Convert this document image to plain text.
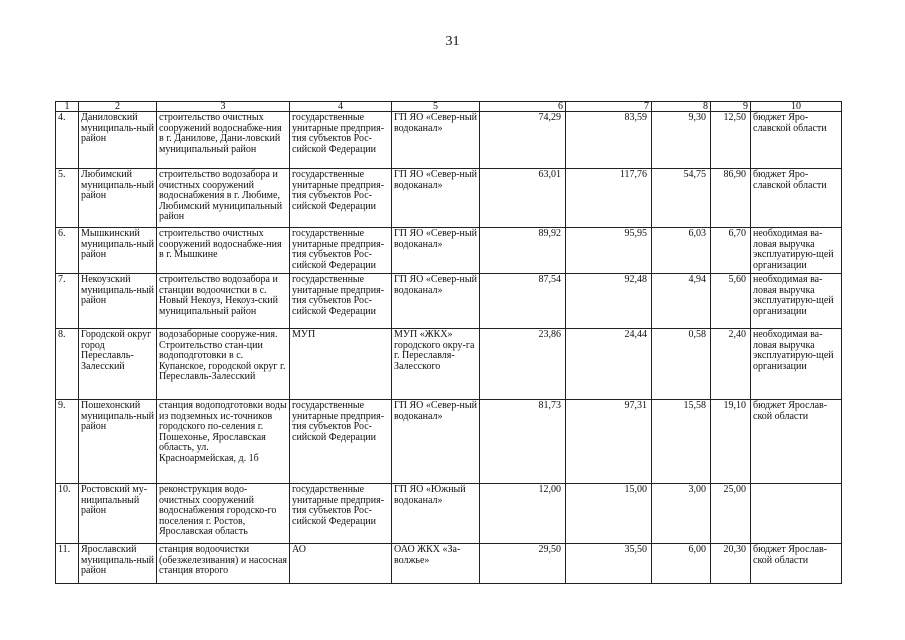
31
1	2	3	4	5	6	7	8	9	10
4.	Даниловский муниципаль-ный район	строительство очистных сооружений водоснабже-ния в г. Данилове, Дани-ловский муниципальный район	государственные унитарные предприя-тия субъектов Рос-сийской Федерации	ГП ЯО «Север-ный водоканал»	74,29	83,59	9,30	12,50	бюджет Яро-славской области
5.	Любимский муниципаль-ный район	строительство водозабора и очистных сооружений водоснабжения в г. Любиме, Любимский муниципальный район	государственные унитарные предприя-тия субъектов Рос-сийской Федерации	ГП ЯО «Север-ный водоканал»	63,01	117,76	54,75	86,90	бюджет Яро-славской области
6.	Мышкинский муниципаль-ный район	строительство очистных сооружений водоснабже-ния в г. Мышкине	государственные унитарные предприя-тия субъектов Рос-сийской Федерации	ГП ЯО «Север-ный водоканал»	89,92	95,95	6,03	6,70	необходимая ва-ловая выручка эксплуатирую-щей организации
7.	Некоузский муниципаль-ный район	строительство водозабора и станции водоочистки в с. Новый Некоуз, Некоуз-ский муниципальный район	государственные унитарные предприя-тия субъектов Рос-сийской Федерации	ГП ЯО «Север-ный водоканал»	87,54	92,48	4,94	5,60	необходимая ва-ловая выручка эксплуатирую-щей организации
8.	Городской округ город Переславль-Залесский	водозаборные сооруже-ния. Строительство стан-ции водоподготовки в с. Купанское, городской округ г. Переславль-Залесский	МУП	МУП «ЖКХ» городского окру-га г. Переславля-Залесского	23,86	24,44	0,58	2,40	необходимая ва-ловая выручка эксплуатирую-щей организации
9.	Пошехонский муниципаль-ный район	станция водоподготовки воды из подземных ис-точников городского по-селения г. Пошехонье, Ярославская область, ул. Красноармейская, д. 1б	государственные унитарные предприя-тия субъектов Рос-сийской Федерации	ГП ЯО «Север-ный водоканал»	81,73	97,31	15,58	19,10	бюджет Ярослав-ской области
10.	Ростовский му-ниципальный район	реконструкция водо-очистных сооружений водоснабжения городско-го поселения г. Ростов, Ярославская область	государственные унитарные предприя-тия субъектов Рос-сийской Федерации	ГП ЯО «Южный водоканал»	12,00	15,00	3,00	25,00	
11.	Ярославский муниципаль-ный район	станция водоочистки (обезжелезивания) и насосная станция второго	АО	ОАО ЖКХ «За-волжье»	29,50	35,50	6,00	20,30	бюджет Ярослав-ской области
